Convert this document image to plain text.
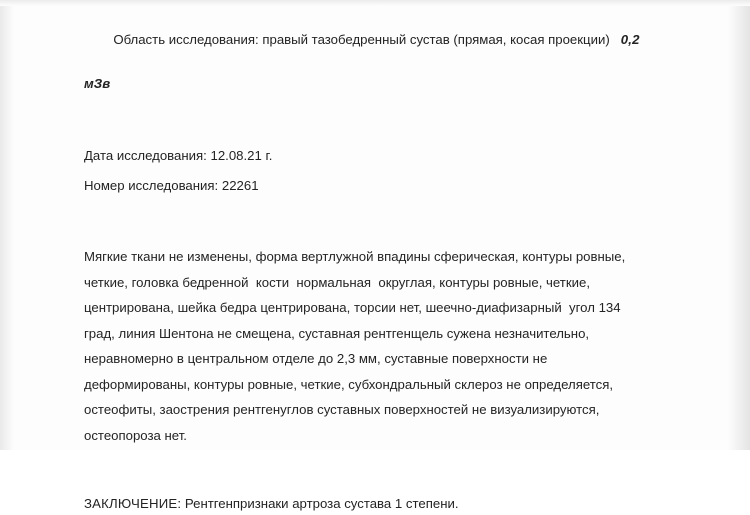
Область исследования: правый тазобедренный сустав (прямая, косая проекции) 0,2

мЗв

Дата исследования: 12.08.21 г.
Номер исследования: 22261
Мягкие ткани не изменены, форма вертлужной впадины сферическая, контуры ровные,
четкие, головка бедренной  кости  нормальная  округлая, контуры ровные, четкие,
центрирована, шейка бедра центрирована, торсии нет, шеечно-диафизарный  угол 134
град, линия Шентона не смещена, суставная рентгенщель сужена незначительно,
неравномерно в центральном отделе до 2,3 мм, суставные поверхности не
деформированы, контуры ровные, четкие, субхондральный склероз не определяется,
остеофиты, заострения рентгенуглов суставных поверхностей не визуализируются,
остеопороза нет.
ЗАКЛЮЧЕНИЕ: Рентгенпризнаки артроза сустава 1 степени.
